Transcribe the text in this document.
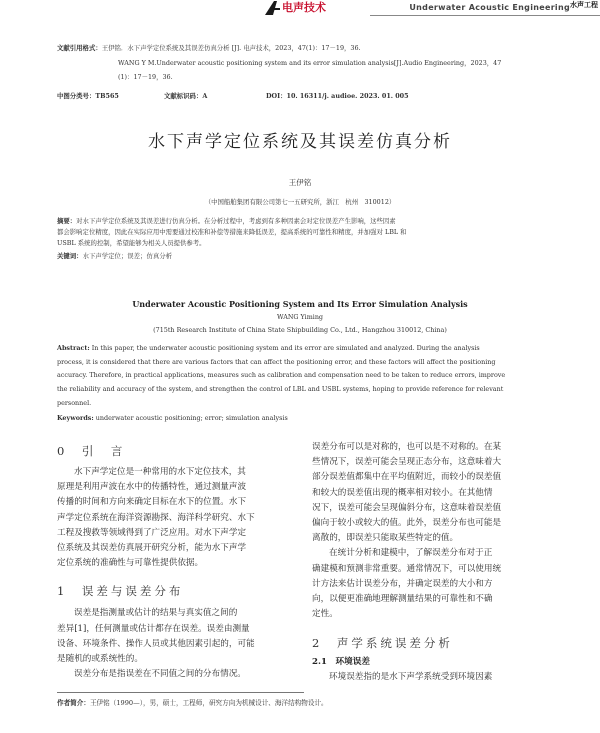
电声技术	Underwater Acoustic Engineering 水声工程
文献引用格式：王伊铭．水下声学定位系统及其误差仿真分析 [J]. 电声技术，2023，47(1)：17－19，36.
WANG Y M.Underwater acoustic positioning system and its error simulation analysis[J].Audio Engineering，2023，47
(1)：17－19，36.
中图分类号：TB565	文献标识码：A	DOI：10. 16311/j. audioe. 2023. 01. 005
水下声学定位系统及其误差仿真分析
王伊铭
（中国船舶集团有限公司第七一五研究所，浙江　杭州　310012）
摘要：对水下声学定位系统及其误差进行仿真分析。在分析过程中，考虑到有多种因素会对定位误差产生影响，这些因素
都会影响定位精度，因此在实际应用中需要通过校准和补偿等措施来降低误差，提高系统的可靠性和精度，并加强对 LBL 和
USBL 系统的控制，希望能够为相关人员提供参考。
关键词：水下声学定位；误差；仿真分析
Underwater Acoustic Positioning System and Its Error Simulation Analysis
WANG Yiming
(715th Research Institute of China State Shipbuilding Co., Ltd., Hangzhou 310012, China)
Abstract: In this paper, the underwater acoustic positioning system and its error are simulated and analyzed. During the analysis
process, it is considered that there are various factors that can affect the positioning error, and these factors will affect the positioning
accuracy. Therefore, in practical applications, measures such as calibration and compensation need to be taken to reduce errors, improve
the reliability and accuracy of the system, and strengthen the control of LBL and USBL systems, hoping to provide reference for relevant
personnel.
Keywords: underwater acoustic positioning; error; simulation analysis
0　引　言
水下声学定位是一种常用的水下定位技术，其
原理是利用声波在水中的传播特性，通过测量声波
传播的时间和方向来确定目标在水下的位置。水下
声学定位系统在海洋资源勘探、海洋科学研究、水下
工程及搜救等领域得到了广泛应用。对水下声学定
位系统及其误差仿真展开研究分析，能为水下声学
定位系统的准确性与可靠性提供依据。
1　误差与误差分布
误差是指测量或估计的结果与真实值之间的
差异[1]，任何测量或估计都存在误差。误差由测量
设备、环境条件、操作人员或其他因素引起的，可能
是随机的或系统性的。
误差分布是指误差在不同值之间的分布情况。
误差分布可以是对称的，也可以是不对称的。在某
些情况下，误差可能会呈现正态分布，这意味着大
部分误差值都集中在平均值附近，而较小的误差值
和较大的误差值出现的概率相对较小。在其他情
况下，误差可能会呈现偏斜分布，这意味着误差值
偏向于较小或较大的值。此外，误差分布也可能是
离散的，即误差只能取某些特定的值。
在统计分析和建模中，了解误差分布对于正
确建模和预测非常重要。通常情况下，可以使用统
计方法来估计误差分布，并确定误差的大小和方
向，以便更准确地理解测量结果的可靠性和不确
定性。
2　声学系统误差分析
2.1　环境误差
环境误差指的是水下声学系统受到环境因素
作者简介：王伊铭（1990—），男，硕士，工程师，研究方向为机械设计、海洋结构物设计。
